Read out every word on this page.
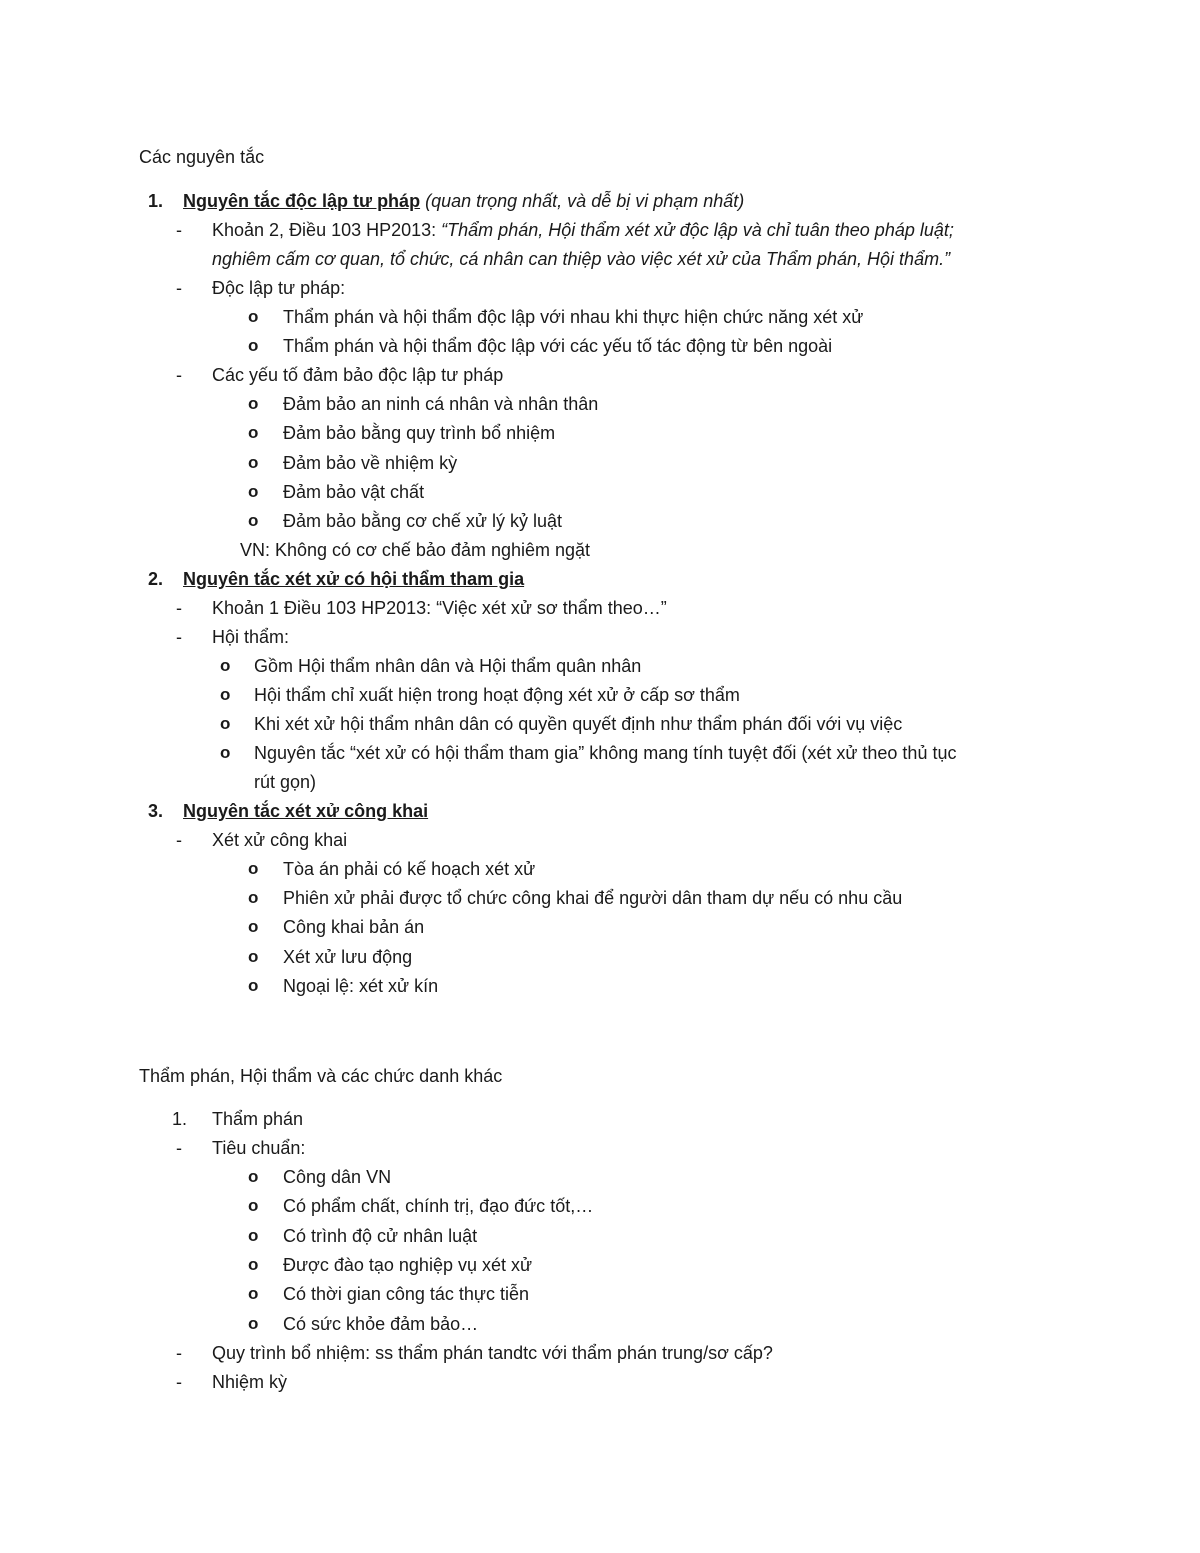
Các nguyên tắc
1. Nguyên tắc độc lập tư pháp (quan trọng nhất, và dễ bị vi phạm nhất)
- Khoản 2, Điều 103 HP2013: “Thẩm phán, Hội thẩm xét xử độc lập và chỉ tuân theo pháp luật;
nghiêm cấm cơ quan, tổ chức, cá nhân can thiệp vào việc xét xử của Thẩm phán, Hội thẩm.”
- Độc lập tư pháp:
o Thẩm phán và hội thẩm độc lập với nhau khi thực hiện chức năng xét xử
o Thẩm phán và hội thẩm độc lập với các yếu tố tác động từ bên ngoài
- Các yếu tố đảm bảo độc lập tư pháp
o Đảm bảo an ninh cá nhân và nhân thân
o Đảm bảo bằng quy trình bổ nhiệm
o Đảm bảo về nhiệm kỳ
o Đảm bảo vật chất
o Đảm bảo bằng cơ chế xử lý kỷ luật
VN: Không có cơ chế bảo đảm nghiêm ngặt
2. Nguyên tắc xét xử có hội thẩm tham gia
- Khoản 1 Điều 103 HP2013: “Việc xét xử sơ thẩm theo…”
- Hội thẩm:
o Gồm Hội thẩm nhân dân và Hội thẩm quân nhân
o Hội thẩm chỉ xuất hiện trong hoạt động xét xử ở cấp sơ thẩm
o Khi xét xử hội thẩm nhân dân có quyền quyết định như thẩm phán đối với vụ việc
o Nguyên tắc “xét xử có hội thẩm tham gia” không mang tính tuyệt đối (xét xử theo thủ tục
rút gọn)
3. Nguyên tắc xét xử công khai
- Xét xử công khai
o Tòa án phải có kế hoạch xét xử
o Phiên xử phải được tổ chức công khai để người dân tham dự nếu có nhu cầu
o Công khai bản án
o Xét xử lưu động
o Ngoại lệ: xét xử kín
Thẩm phán, Hội thẩm và các chức danh khác
1. Thẩm phán
- Tiêu chuẩn:
o Công dân VN
o Có phẩm chất, chính trị, đạo đức tốt,…
o Có trình độ cử nhân luật
o Được đào tạo nghiệp vụ xét xử
o Có thời gian công tác thực tiễn
o Có sức khỏe đảm bảo…
- Quy trình bổ nhiệm: ss thẩm phán tandtc với thẩm phán trung/sơ cấp?
- Nhiệm kỳ
